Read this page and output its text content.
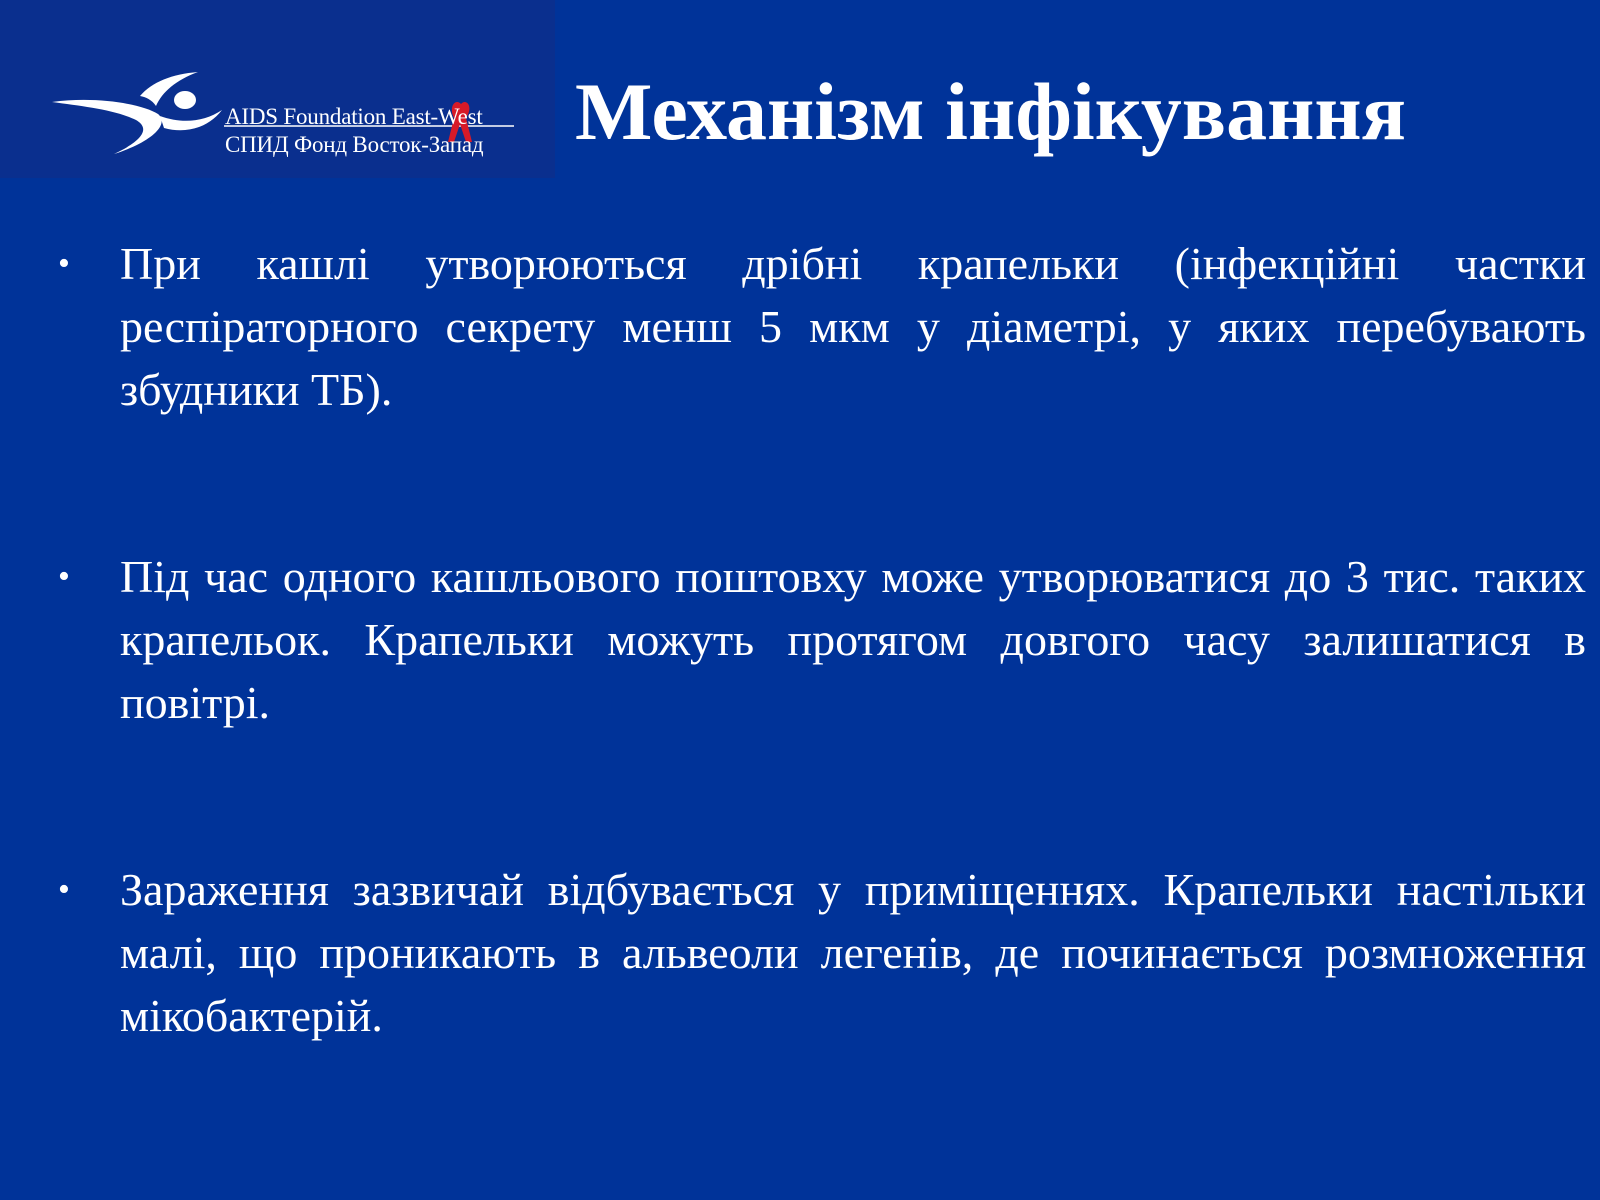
AIDS Foundation East-West
СПИД Фонд Восток-Запад Механізм інфікування
•	При кашлі утворюються дрібні крапельки (інфекційні частки респіраторного секрету менш 5 мкм у діаметрі, у яких перебувають збудники ТБ).
•	Під час одного кашльового поштовху може утворюватися до 3 тис. таких крапельок. Крапельки можуть протягом довгого часу залишатися в повітрі.
•	Зараження зазвичай відбувається у приміщеннях. Крапельки настільки малі, що проникають в альвеоли легенів, де починається розмноження мікобактерій.
